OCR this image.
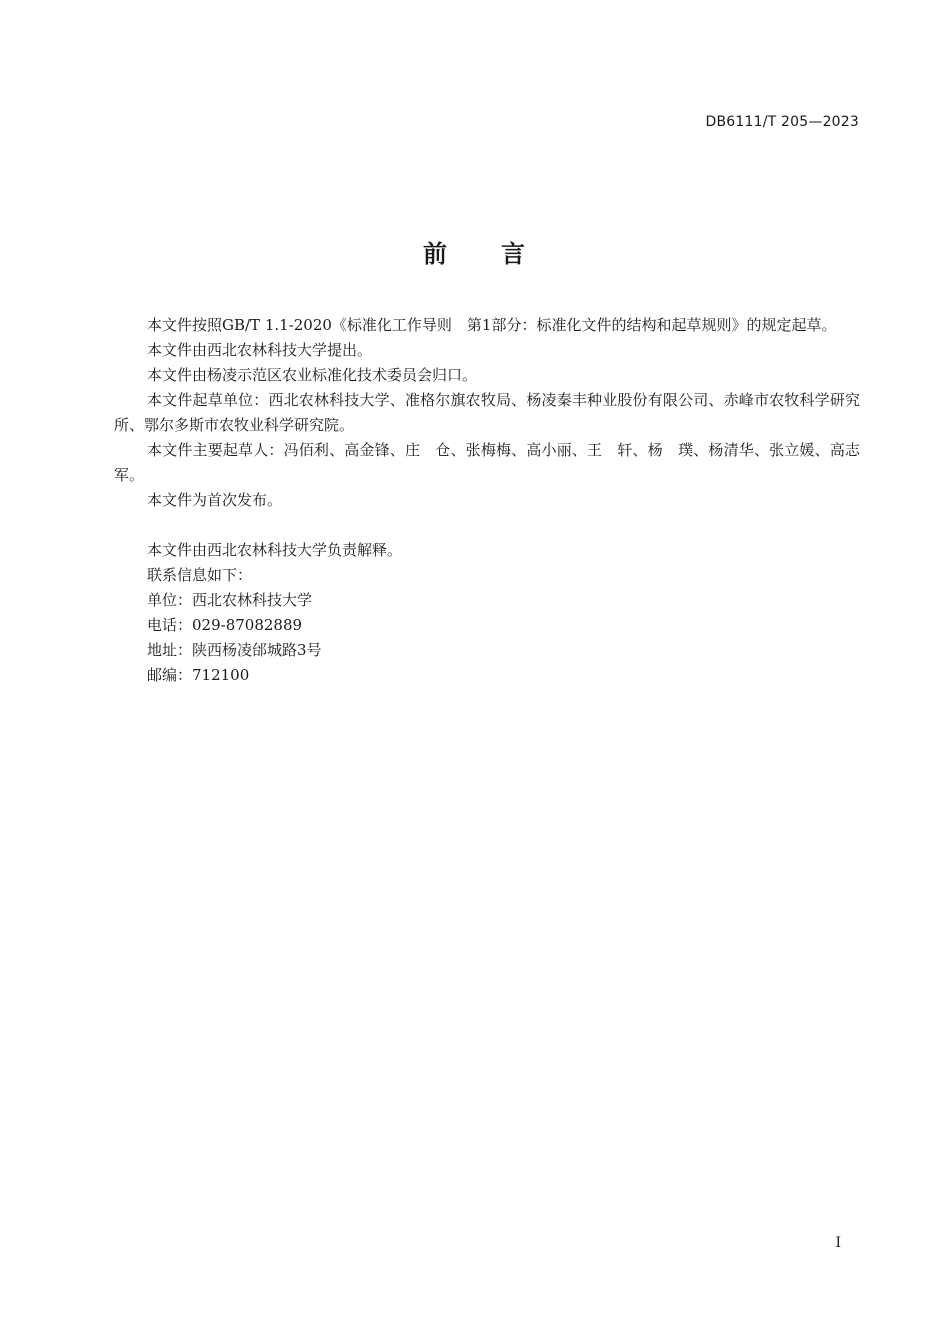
DB6111/T 205—2023
前 言

本文件按照GB/T 1.1-2020《标准化工作导则　第1部分：标准化文件的结构和起草规则》的规定起草。

本文件由西北农林科技大学提出。

本文件由杨凌示范区农业标准化技术委员会归口。

本文件起草单位：西北农林科技大学、准格尔旗农牧局、杨凌秦丰种业股份有限公司、赤峰市农牧科学研究所、鄂尔多斯市农牧业科学研究院。

本文件主要起草人：冯佰利、高金锋、庄　仓、张梅梅、高小丽、王　轩、杨　璞、杨清华、张立媛、高志军。

本文件为首次发布。

本文件由西北农林科技大学负责解释。

联系信息如下：

单位：西北农林科技大学

电话：029-87082889

地址：陕西杨凌邰城路3号

邮编：712100

I
